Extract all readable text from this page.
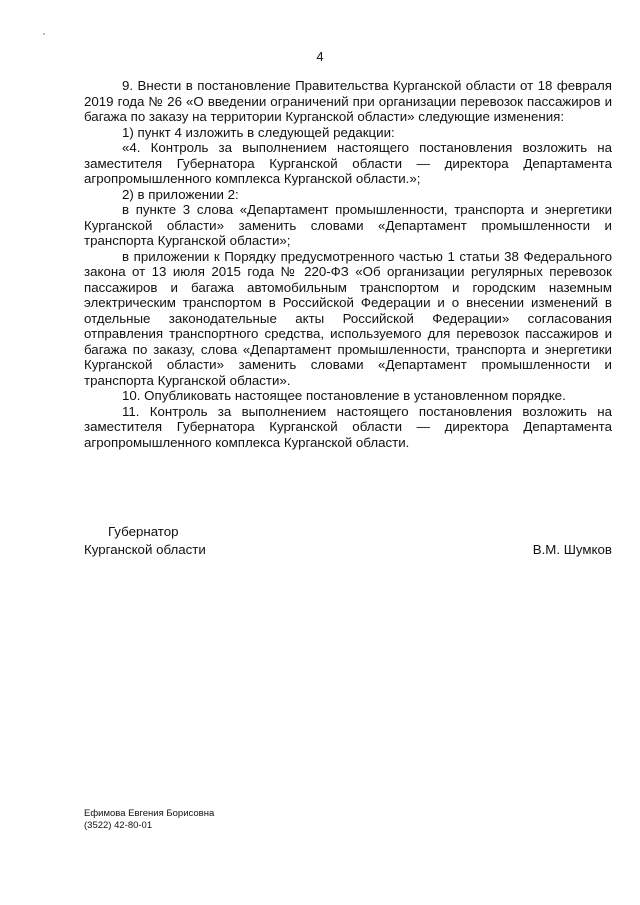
4

9. Внести в постановление Правительства Курганской области от 18 февраля 2019 года № 26 «О введении ограничений при организации перевозок пассажиров и багажа по заказу на территории Курганской области» следующие изменения:

1) пункт 4 изложить в следующей редакции:

«4. Контроль за выполнением настоящего постановления возложить на заместителя Губернатора Курганской области — директора Департамента агропромышленного комплекса Курганской области.»;

2) в приложении 2:

в пункте 3 слова «Департамент промышленности, транспорта и энергетики Курганской области» заменить словами «Департамент промышленности и транспорта Курганской области»;

в приложении к Порядку предусмотренного частью 1 статьи 38 Федерального закона от 13 июля 2015 года № 220-ФЗ «Об организации регулярных перевозок пассажиров и багажа автомобильным транспортом и городским наземным электрическим транспортом в Российской Федерации и о внесении изменений в отдельные законодательные акты Российской Федерации» согласования отправления транспортного средства, используемого для перевозок пассажиров и багажа по заказу, слова «Департамент промышленности, транспорта и энергетики Курганской области» заменить словами «Департамент промышленности и транспорта Курганской области».

10. Опубликовать настоящее постановление в установленном порядке.

11. Контроль за выполнением настоящего постановления возложить на заместителя Губернатора Курганской области — директора Департамента агропромышленного комплекса Курганской области.

Губернатор
Курганской области	В.М. Шумков
Ефимова Евгения Борисовна
(3522) 42-80-01
